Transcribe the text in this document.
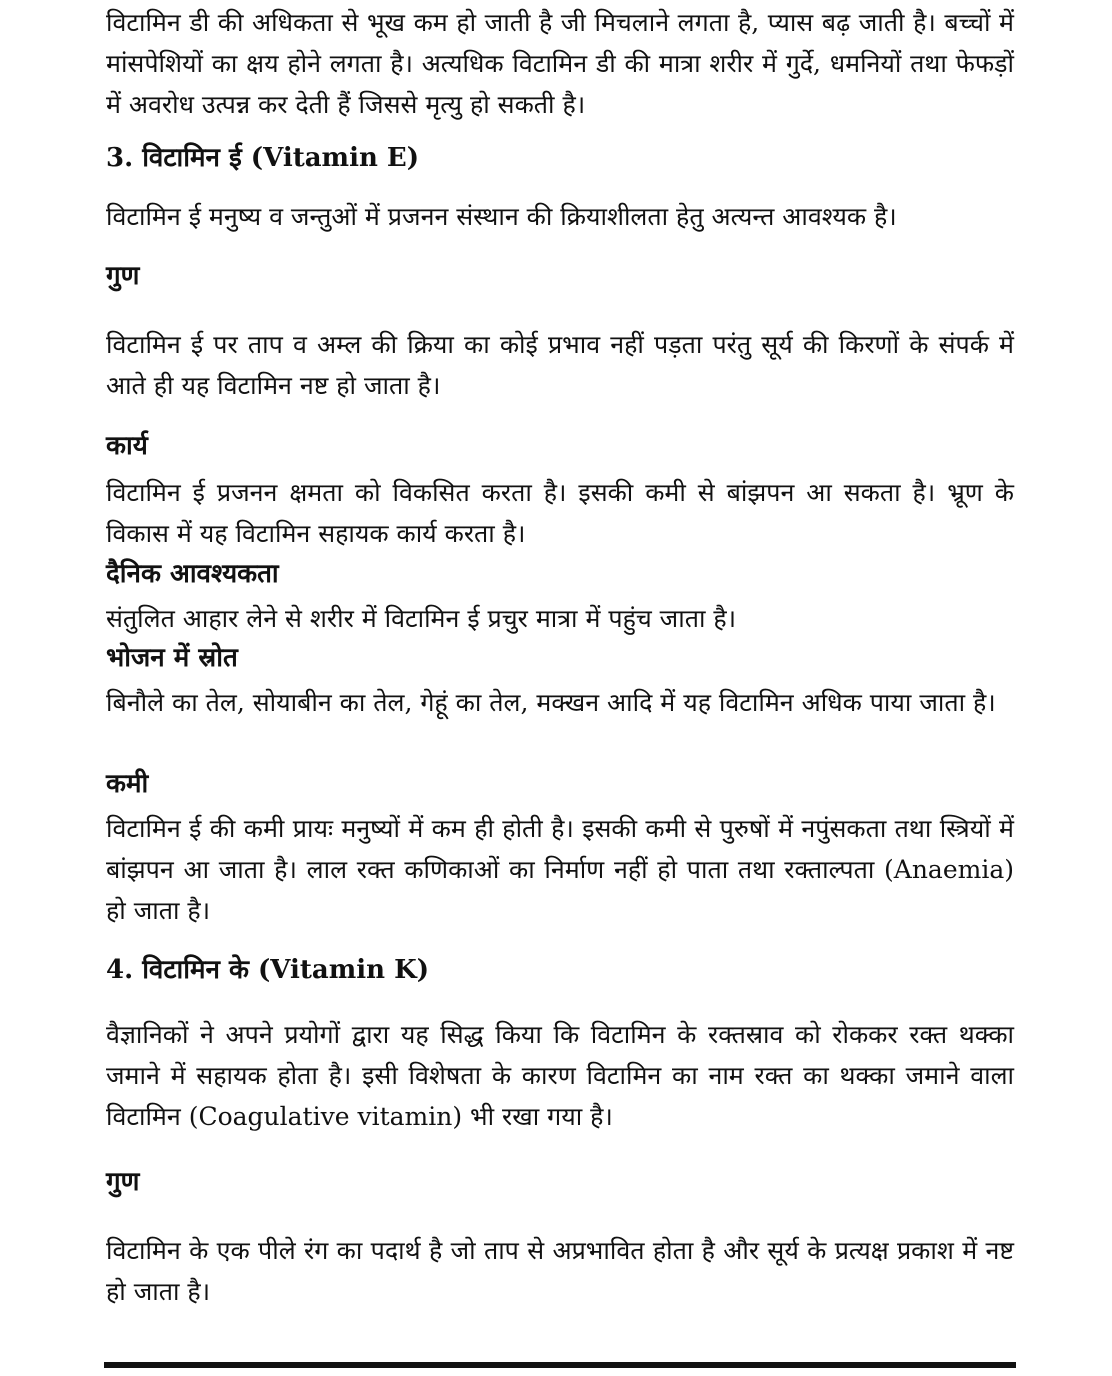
विटामिन डी की अधिकता से भूख कम हो जाती है जी मिचलाने लगता है, प्यास बढ़ जाती है। बच्चों में मांसपेशियों का क्षय होने लगता है। अत्यधिक विटामिन डी की मात्रा शरीर में गुर्दे, धमनियों तथा फेफड़ों में अवरोध उत्पन्न कर देती हैं जिससे मृत्यु हो सकती है।

3. विटामिन ई (Vitamin E)

विटामिन ई मनुष्य व जन्तुओं में प्रजनन संस्थान की क्रियाशीलता हेतु अत्यन्त आवश्यक है।

गुण

विटामिन ई पर ताप व अम्ल की क्रिया का कोई प्रभाव नहीं पड़ता परंतु सूर्य की किरणों के संपर्क में आते ही यह विटामिन नष्ट हो जाता है।

कार्य

विटामिन ई प्रजनन क्षमता को विकसित करता है। इसकी कमी से बांझपन आ सकता है। भ्रूण के विकास में यह विटामिन सहायक कार्य करता है।

दैनिक आवश्यकता

संतुलित आहार लेने से शरीर में विटामिन ई प्रचुर मात्रा में पहुंच जाता है।

भोजन में स्रोत

बिनौले का तेल, सोयाबीन का तेल, गेहूं का तेल, मक्खन आदि में यह विटामिन अधिक पाया जाता है।

कमी

विटामिन ई की कमी प्रायः मनुष्यों में कम ही होती है। इसकी कमी से पुरुषों में नपुंसकता तथा स्त्रियों में बांझपन आ जाता है। लाल रक्त कणिकाओं का निर्माण नहीं हो पाता तथा रक्ताल्पता (Anaemia) हो जाता है।

4. विटामिन के (Vitamin K)

वैज्ञानिकों ने अपने प्रयोगों द्वारा यह सिद्ध किया कि विटामिन के रक्तस्राव को रोककर रक्त थक्का जमाने में सहायक होता है। इसी विशेषता के कारण विटामिन का नाम रक्त का थक्का जमाने वाला विटामिन (Coagulative vitamin) भी रखा गया है।

गुण

विटामिन के एक पीले रंग का पदार्थ है जो ताप से अप्रभावित होता है और सूर्य के प्रत्यक्ष प्रकाश में नष्ट हो जाता है।
